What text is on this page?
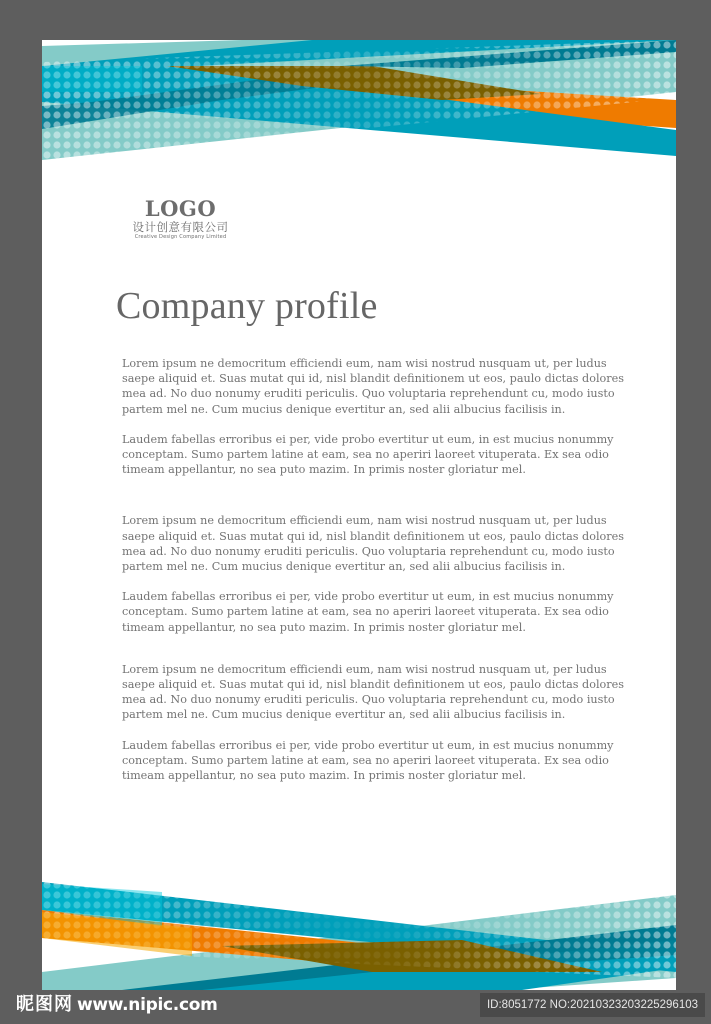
LOGO
设计创意有限公司
Creative Design Company Limited
Company profile

Lorem ipsum ne democritum efficiendi eum, nam wisi nostrud nusquam ut, per ludus

saepe aliquid et. Suas mutat qui id, nisl blandit definitionem ut eos, paulo dictas dolores

mea ad. No duo nonumy eruditi periculis. Quo voluptaria reprehendunt cu, modo iusto

partem mel ne. Cum mucius denique evertitur an, sed alii albucius facilisis in.

Laudem fabellas erroribus ei per, vide probo evertitur ut eum, in est mucius nonummy

conceptam. Sumo partem latine at eam, sea no aperiri laoreet vituperata. Ex sea odio

timeam appellantur, no sea puto mazim. In primis noster gloriatur mel.

Lorem ipsum ne democritum efficiendi eum, nam wisi nostrud nusquam ut, per ludus

saepe aliquid et. Suas mutat qui id, nisl blandit definitionem ut eos, paulo dictas dolores

mea ad. No duo nonumy eruditi periculis. Quo voluptaria reprehendunt cu, modo iusto

partem mel ne. Cum mucius denique evertitur an, sed alii albucius facilisis in.

Laudem fabellas erroribus ei per, vide probo evertitur ut eum, in est mucius nonummy

conceptam. Sumo partem latine at eam, sea no aperiri laoreet vituperata. Ex sea odio

timeam appellantur, no sea puto mazim. In primis noster gloriatur mel.

Lorem ipsum ne democritum efficiendi eum, nam wisi nostrud nusquam ut, per ludus

saepe aliquid et. Suas mutat qui id, nisl blandit definitionem ut eos, paulo dictas dolores

mea ad. No duo nonumy eruditi periculis. Quo voluptaria reprehendunt cu, modo iusto

partem mel ne. Cum mucius denique evertitur an, sed alii albucius facilisis in.

Laudem fabellas erroribus ei per, vide probo evertitur ut eum, in est mucius nonummy

conceptam. Sumo partem latine at eam, sea no aperiri laoreet vituperata. Ex sea odio

timeam appellantur, no sea puto mazim. In primis noster gloriatur mel.

昵图网 www.nipic.com	ID:8051772 NO:20210323203225296103
